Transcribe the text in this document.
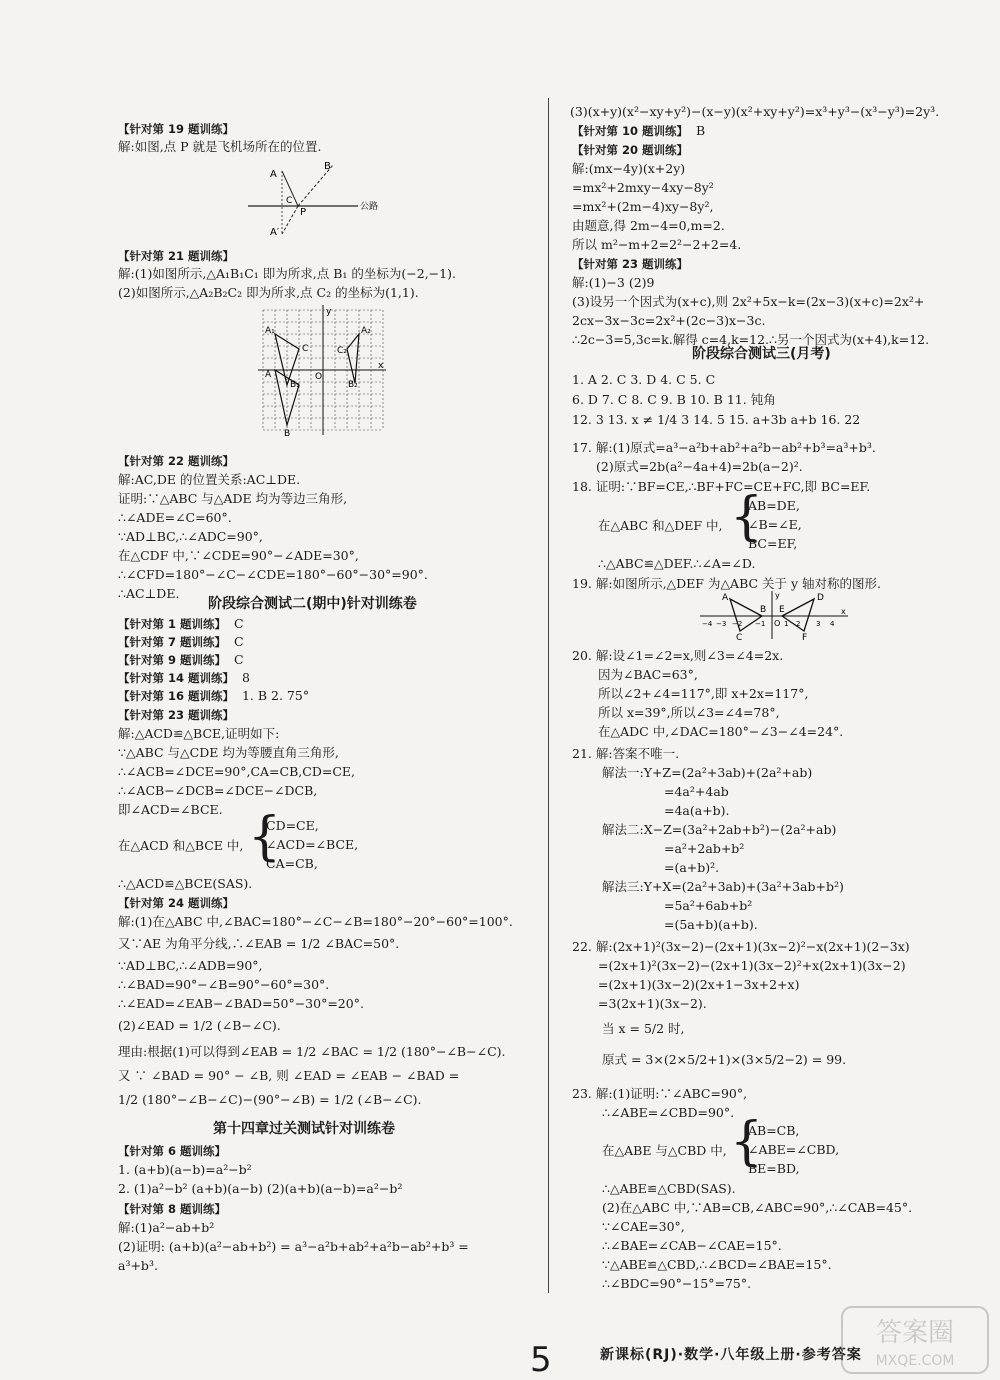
【针对第 19 题训练】
解:如图,点 P 就是飞机场所在的位置.
B
A
C
P
A′
公路
【针对第 21 题训练】
解:(1)如图所示,△A₁B₁C₁ 即为所求,点 B₁ 的坐标为(−2,−1).
(2)如图所示,△A₂B₂C₂ 即为所求,点 C₂ 的坐标为(1,1).
y
x
O
A₁	A₂
C	C₂
A
B₁	B₂
B
【针对第 22 题训练】
解:AC,DE 的位置关系:AC⊥DE.
证明:∵△ABC 与△ADE 均为等边三角形,
∴∠ADE=∠C=60°.
∵AD⊥BC,∴∠ADC=90°,
在△CDF 中,∵∠CDE=90°−∠ADE=30°,
∴∠CFD=180°−∠C−∠CDE=180°−60°−30°=90°.
∴AC⊥DE.
阶段综合测试二(期中)针对训练卷
【针对第 1 题训练】 C
【针对第 7 题训练】 C
【针对第 9 题训练】 C
【针对第 14 题训练】 8
【针对第 16 题训练】 1. B 2. 75°
【针对第 23 题训练】
解:△ACD≌△BCE,证明如下:
∵△ABC 与△CDE 均为等腰直角三角形,
∴∠ACB=∠DCE=90°,CA=CB,CD=CE,
∴∠ACB−∠DCB=∠DCE−∠DCB,
即∠ACD=∠BCE.
在△ACD 和△BCE 中, {
CD=CE,
∠ACD=∠BCE,
CA=CB,
∴△ACD≌△BCE(SAS).
【针对第 24 题训练】
解:(1)在△ABC 中,∠BAC=180°−∠C−∠B=180°−20°−60°=100°.
又∵AE 为角平分线,∴∠EAB = 1/2 ∠BAC=50°.
∵AD⊥BC,∴∠ADB=90°,
∴∠BAD=90°−∠B=90°−60°=30°.
∴∠EAD=∠EAB−∠BAD=50°−30°=20°.
(2)∠EAD = 1/2 (∠B−∠C).
理由:根据(1)可以得到∠EAB = 1/2 ∠BAC = 1/2 (180°−∠B−∠C).
又 ∵ ∠BAD = 90° − ∠B, 则 ∠EAD = ∠EAB − ∠BAD =
1/2 (180°−∠B−∠C)−(90°−∠B) = 1/2 (∠B−∠C).
第十四章过关测试针对训练卷
【针对第 6 题训练】
1. (a+b)(a−b)=a²−b²
2. (1)a²−b² (a+b)(a−b) (2)(a+b)(a−b)=a²−b²
【针对第 8 题训练】
解:(1)a²−ab+b²
(2)证明: (a+b)(a²−ab+b²) = a³−a²b+ab²+a²b−ab²+b³ =
a³+b³.
(3)(x+y)(x²−xy+y²)−(x−y)(x²+xy+y²)=x³+y³−(x³−y³)=2y³.
【针对第 10 题训练】 B
【针对第 20 题训练】
解:(mx−4y)(x+2y)
=mx²+2mxy−4xy−8y²
=mx²+(2m−4)xy−8y²,
由题意,得 2m−4=0,m=2.
所以 m²−m+2=2²−2+2=4.
【针对第 23 题训练】
解:(1)−3 (2)9
(3)设另一个因式为(x+c),则 2x²+5x−k=(2x−3)(x+c)=2x²+
2cx−3x−3c=2x²+(2c−3)x−3c.
∴2c−3=5,3c=k.解得 c=4,k=12.∴另一个因式为(x+4),k=12.
阶段综合测试三(月考)
1. A 2. C 3. D 4. C 5. C
6. D 7. C 8. C 9. B 10. B 11. 钝角
12. 3 13. x ≠ 1/4 3 14. 5 15. a+3b a+b 16. 22
17. 解:(1)原式=a³−a²b+ab²+a²b−ab²+b³=a³+b³.
(2)原式=2b(a²−4a+4)=2b(a−2)².
18. 证明:∵BF=CE,∴BF+FC=CE+FC,即 BC=EF.
在△ABC 和△DEF 中, {
AB=DE,
∠B=∠E,
BC=EF,
∴△ABC≌△DEF.∴∠A=∠D.
19. 解:如图所示,△DEF 为△ABC 关于 y 轴对称的图形.
y
x
A
B E
D
C	F
O
−4 −3 −2 −1	1 2 3 4
20. 解:设∠1=∠2=x,则∠3=∠4=2x.
因为∠BAC=63°,
所以∠2+∠4=117°,即 x+2x=117°,
所以 x=39°,所以∠3=∠4=78°,
在△ADC 中,∠DAC=180°−∠3−∠4=24°.
21. 解:答案不唯一.
解法一:Y+Z=(2a²+3ab)+(2a²+ab)
=4a²+4ab
=4a(a+b).
解法二:X−Z=(3a²+2ab+b²)−(2a²+ab)
=a²+2ab+b²
=(a+b)².
解法三:Y+X=(2a²+3ab)+(3a²+3ab+b²)
=5a²+6ab+b²
=(5a+b)(a+b).
22. 解:(2x+1)²(3x−2)−(2x+1)(3x−2)²−x(2x+1)(2−3x)
=(2x+1)²(3x−2)−(2x+1)(3x−2)²+x(2x+1)(3x−2)
=(2x+1)(3x−2)(2x+1−3x+2+x)
=3(2x+1)(3x−2).
当 x = 5/2 时,
原式 = 3×(2×5/2+1)×(3×5/2−2) = 99.
23. 解:(1)证明:∵∠ABC=90°,
∴∠ABE=∠CBD=90°.
在△ABE 与△CBD 中, {
AB=CB,
∠ABE=∠CBD,
BE=BD,
∴△ABE≌△CBD(SAS).
(2)在△ABC 中,∵AB=CB,∠ABC=90°,∴∠CAB=45°.
∵∠CAE=30°,
∴∠BAE=∠CAB−∠CAE=15°.
∵△ABE≌△CBD,∴∠BCD=∠BAE=15°.
∴∠BDC=90°−15°=75°.
新课标(RJ)·数学·八年级上册·参考答案
5
答案圈
MXQE.COM
